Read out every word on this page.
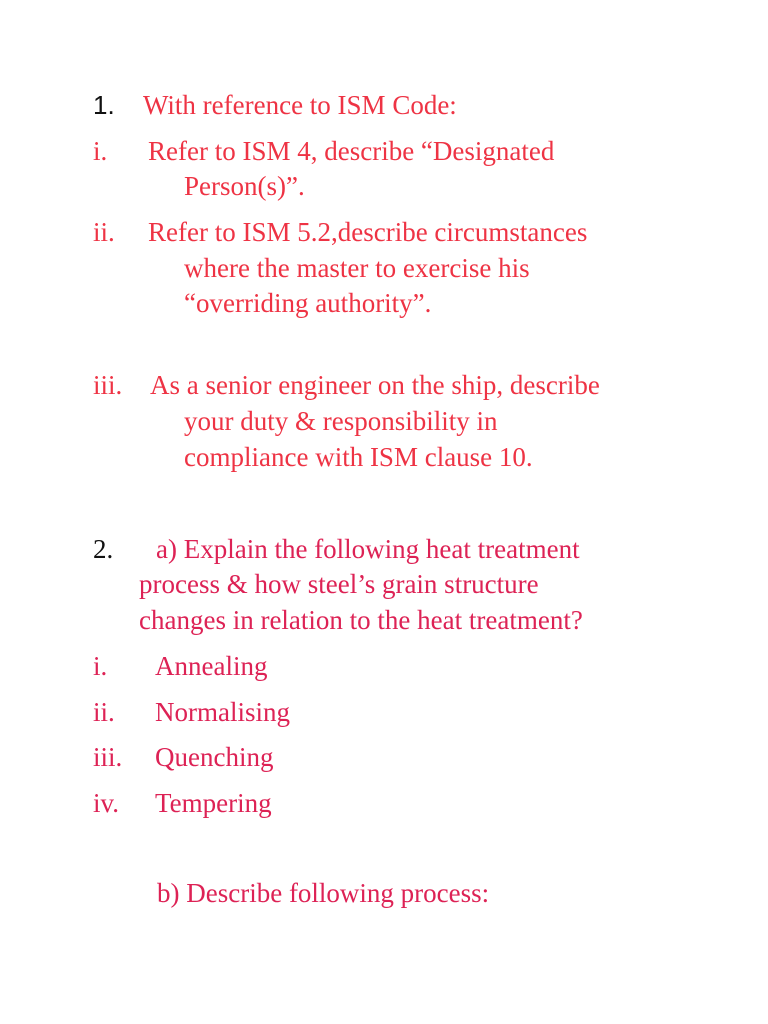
1. With reference to ISM Code:
i. Refer to ISM 4, describe “Designated
Person(s)”.
ii. Refer to ISM 5.2,describe circumstances
where the master to exercise his
“overriding authority”.
iii. As a senior engineer on the ship, describe
your duty & responsibility in
compliance with ISM clause 10.
2. a) Explain the following heat treatment
process & how steel’s grain structure
changes in relation to the heat treatment?
i. Annealing
ii. Normalising
iii. Quenching
iv. Tempering
b) Describe following process:
